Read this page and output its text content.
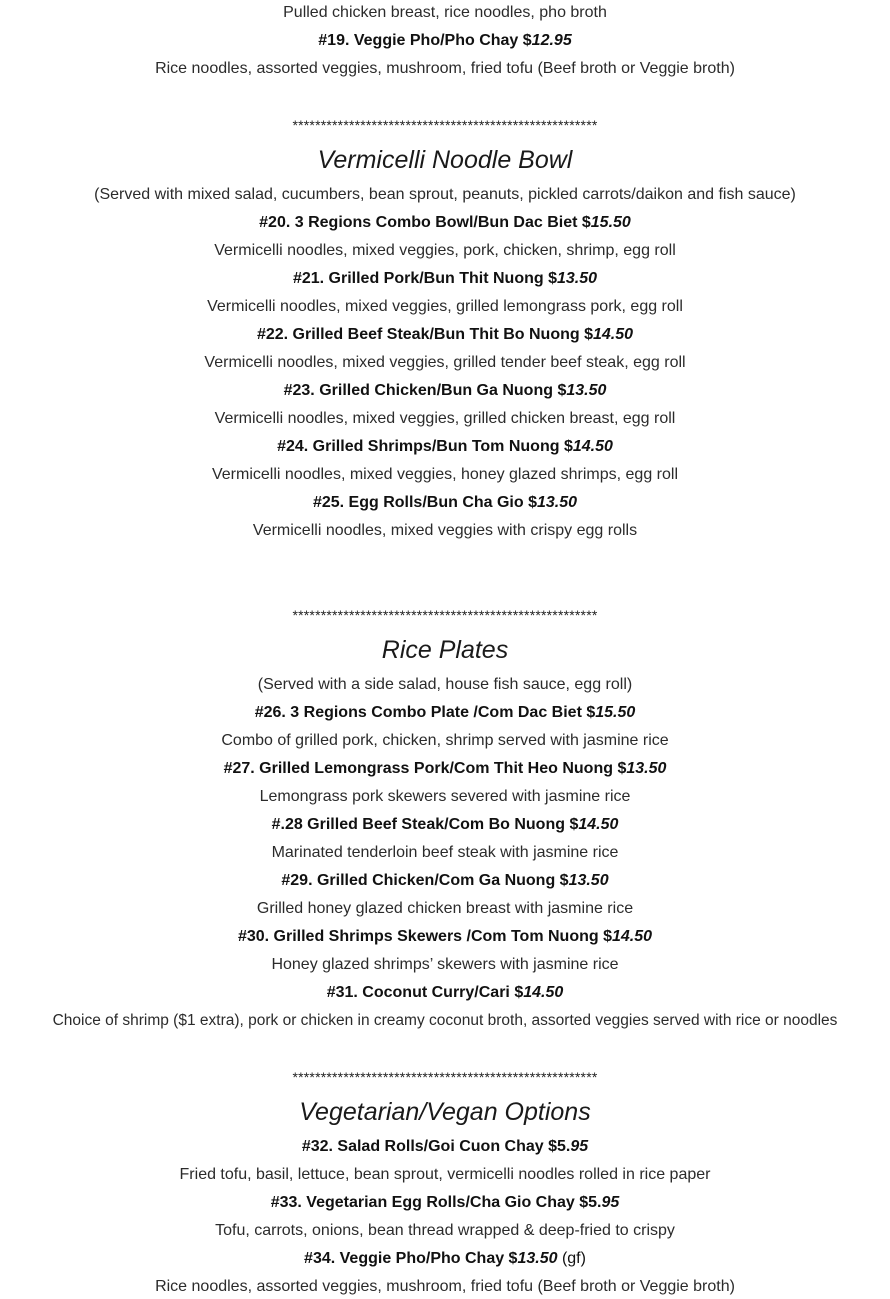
Pulled chicken breast, rice noodles, pho broth
#19. Veggie Pho/Pho Chay $12.95
Rice noodles, assorted veggies, mushroom, fried tofu (Beef broth or Veggie broth)
******************************************************
Vermicelli Noodle Bowl
(Served with mixed salad, cucumbers, bean sprout, peanuts, pickled carrots/daikon and fish sauce)
#20. 3 Regions Combo Bowl/Bun Dac Biet $15.50
Vermicelli noodles, mixed veggies, pork, chicken, shrimp, egg roll
#21. Grilled Pork/Bun Thit Nuong $13.50
Vermicelli noodles, mixed veggies, grilled lemongrass pork, egg roll
#22. Grilled Beef Steak/Bun Thit Bo Nuong $14.50
Vermicelli noodles, mixed veggies, grilled tender beef steak, egg roll
#23. Grilled Chicken/Bun Ga Nuong $13.50
Vermicelli noodles, mixed veggies, grilled chicken breast, egg roll
#24. Grilled Shrimps/Bun Tom Nuong $14.50
Vermicelli noodles, mixed veggies, honey glazed shrimps, egg roll
#25. Egg Rolls/Bun Cha Gio $13.50
Vermicelli noodles, mixed veggies with crispy egg rolls
******************************************************
Rice Plates
(Served with a side salad, house fish sauce, egg roll)
#26. 3 Regions Combo Plate /Com Dac Biet $15.50
Combo of grilled pork, chicken, shrimp served with jasmine rice
#27. Grilled Lemongrass Pork/Com Thit Heo Nuong $13.50
Lemongrass pork skewers severed with jasmine rice
#.28 Grilled Beef Steak/Com Bo Nuong $14.50
Marinated tenderloin beef steak with jasmine rice
#29. Grilled Chicken/Com Ga Nuong $13.50
Grilled honey glazed chicken breast with jasmine rice
#30. Grilled Shrimps Skewers /Com Tom Nuong $14.50
Honey glazed shrimps’ skewers with jasmine rice
#31. Coconut Curry/Cari $14.50
Choice of shrimp ($1 extra), pork or chicken in creamy coconut broth, assorted veggies served with rice or noodles
******************************************************
Vegetarian/Vegan Options
#32. Salad Rolls/Goi Cuon Chay $5.95
Fried tofu, basil, lettuce, bean sprout, vermicelli noodles rolled in rice paper
#33. Vegetarian Egg Rolls/Cha Gio Chay $5.95
Tofu, carrots, onions, bean thread wrapped & deep-fried to crispy
#34. Veggie Pho/Pho Chay $13.50 (gf)
Rice noodles, assorted veggies, mushroom, fried tofu (Beef broth or Veggie broth)
